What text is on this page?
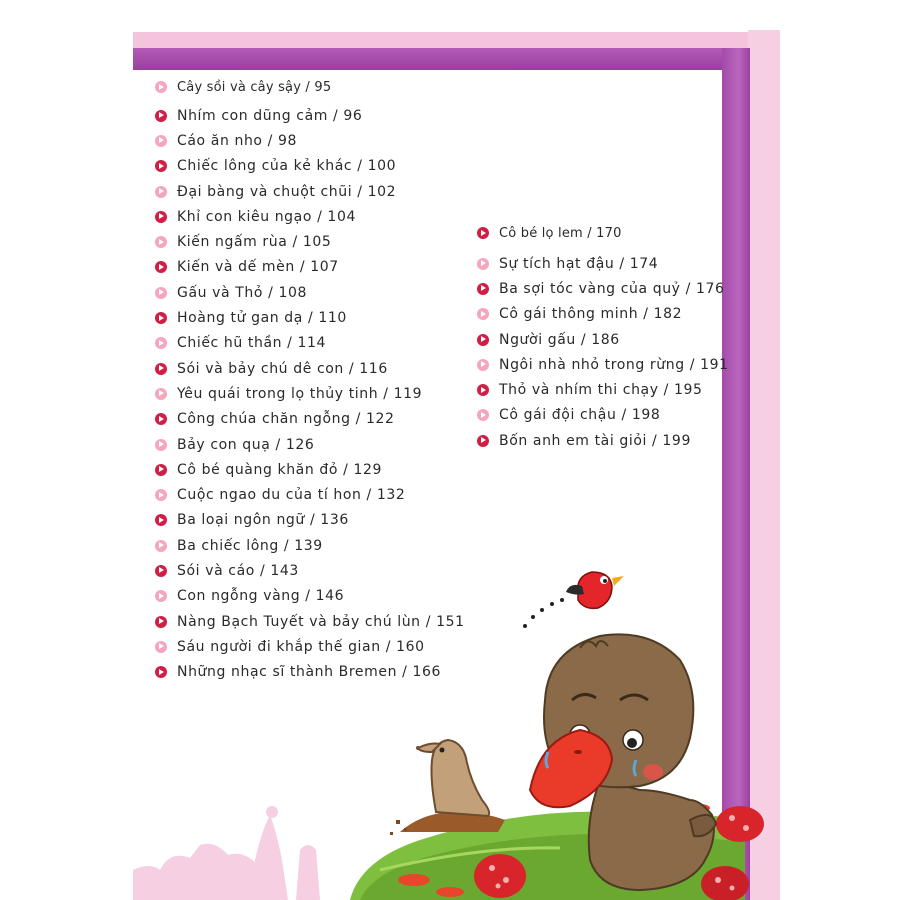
Cây sồi và cây sậy / 95
Nhím con dũng cảm / 96
Cáo ăn nho / 98
Chiếc lông của kẻ khác / 100
Đại bàng và chuột chũi / 102
Khỉ con kiêu ngạo / 104
Kiến ngấm rùa / 105
Kiến và dế mèn / 107
Gấu và Thỏ / 108
Hoàng tử gan dạ / 110
Chiếc hũ thần / 114
Sói và bảy chú dê con / 116
Yêu quái trong lọ thủy tinh / 119
Công chúa chăn ngỗng / 122
Bảy con quạ / 126
Cô bé quàng khăn đỏ / 129
Cuộc ngao du của tí hon / 132
Ba loại ngôn ngữ / 136
Ba chiếc lông / 139
Sói và cáo / 143
Con ngỗng vàng / 146
Nàng Bạch Tuyết và bảy chú lùn / 151
Sáu người đi khắp thế gian / 160
Những nhạc sĩ thành Bremen / 166
Cô bé lọ lem / 170
Sự tích hạt đậu / 174
Ba sợi tóc vàng của quỷ / 176
Cô gái thông minh / 182
Người gấu / 186
Ngôi nhà nhỏ trong rừng / 191
Thỏ và nhím thi chạy / 195
Cô gái đội chậu / 198
Bốn anh em tài giỏi / 199
